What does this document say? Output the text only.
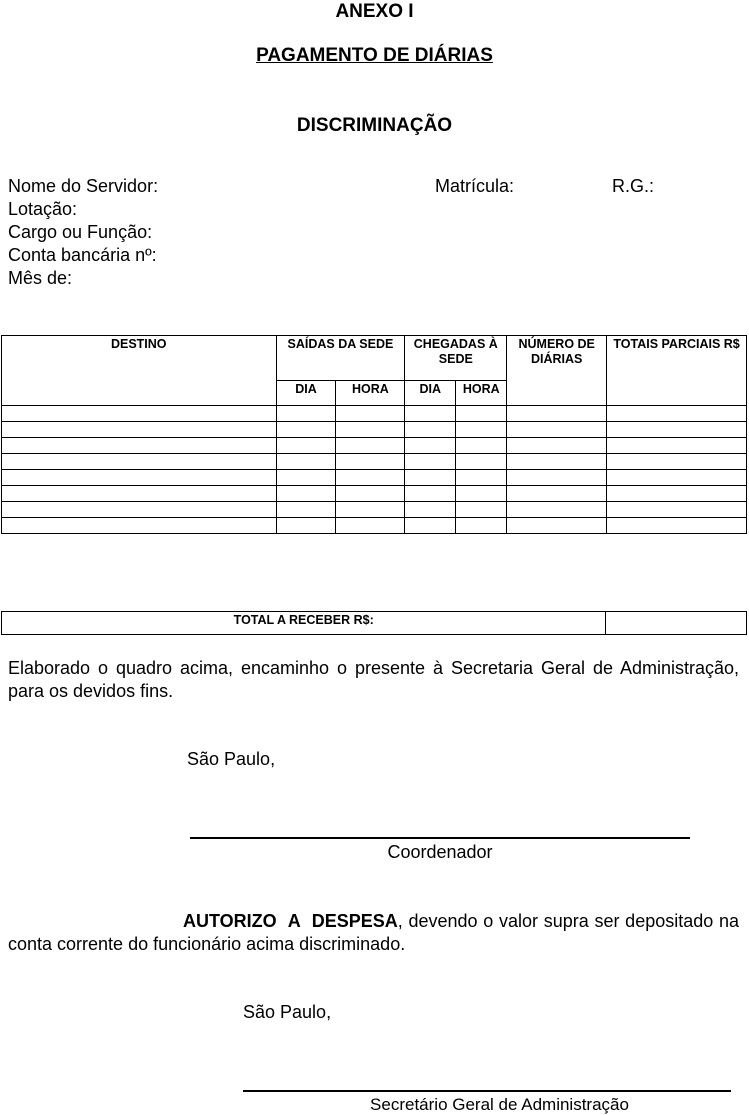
ANEXO I
PAGAMENTO DE DIÁRIAS
DISCRIMINAÇÃO
Nome do Servidor:	Matrícula:	R.G.:
Lotação:
Cargo ou Função:
Conta bancária nº:
Mês de:
DESTINO	SAÍDAS DA SEDE		CHEGADAS À SEDE		NÚMERO DE DIÁRIAS	TOTAIS PARCIAIS R$
	DIA	HORA	DIA	HORA		

TOTAL A RECEBER R$:	
Elaborado o quadro acima, encaminho o presente à Secretaria Geral de Administração, para os devidos fins.
São Paulo,
Coordenador
AUTORIZO A DESPESA, devendo o valor supra ser depositado na conta corrente do funcionário acima discriminado.
São Paulo,
Secretário Geral de Administração
